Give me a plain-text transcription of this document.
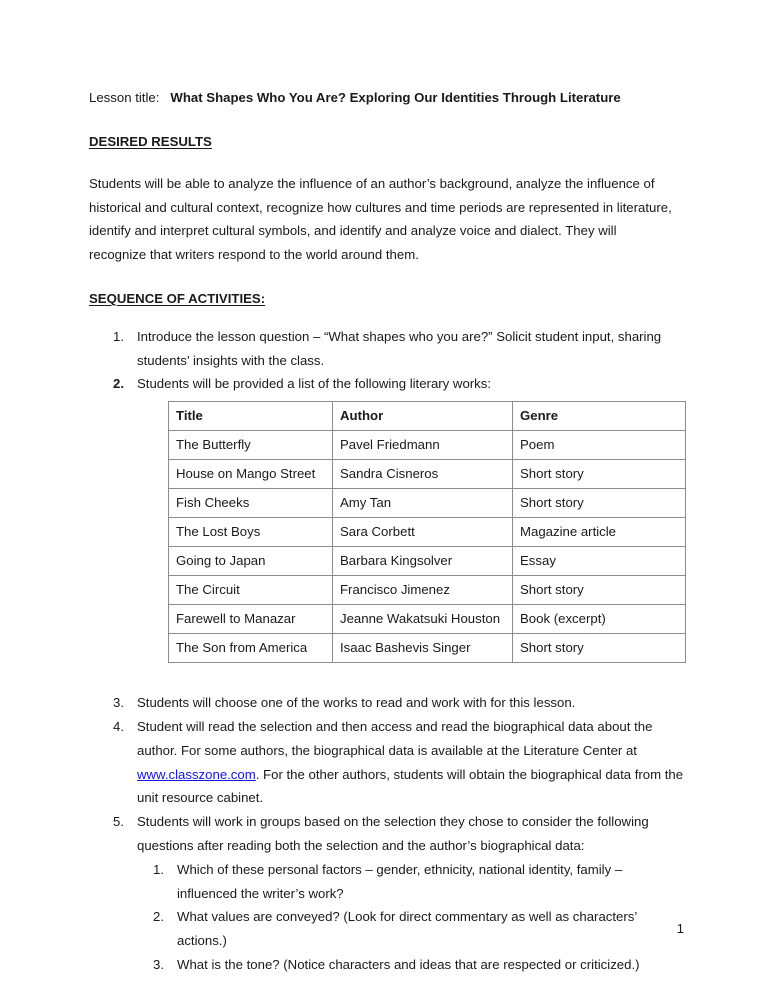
Lesson title: What Shapes Who You Are? Exploring Our Identities Through Literature

DESIRED RESULTS

Students will be able to analyze the influence of an author’s background, analyze the influence of historical and cultural context, recognize how cultures and time periods are represented in literature, identify and interpret cultural symbols, and identify and analyze voice and dialect. They will recognize that writers respond to the world around them.

SEQUENCE OF ACTIVITIES:
1. Introduce the lesson question – “What shapes who you are?” Solicit student input, sharing students’ insights with the class.
2. Students will be provided a list of the following literary works:
Title	Author	Genre
The Butterfly	Pavel Friedmann	Poem
House on Mango Street	Sandra Cisneros	Short story
Fish Cheeks	Amy Tan	Short story
The Lost Boys	Sara Corbett	Magazine article
Going to Japan	Barbara Kingsolver	Essay
The Circuit	Francisco Jimenez	Short story
Farewell to Manazar	Jeanne Wakatsuki Houston	Book (excerpt)
The Son from America	Isaac Bashevis Singer	Short story
3. Students will choose one of the works to read and work with for this lesson.
4. Student will read the selection and then access and read the biographical data about the author. For some authors, the biographical data is available at the Literature Center at www.classzone.com. For the other authors, students will obtain the biographical data from the unit resource cabinet.
5. Students will work in groups based on the selection they chose to consider the following questions after reading both the selection and the author’s biographical data:
1. Which of these personal factors – gender, ethnicity, national identity, family – influenced the writer’s work?
2. What values are conveyed? (Look for direct commentary as well as characters’ actions.)
3. What is the tone? (Notice characters and ideas that are respected or criticized.)
1
